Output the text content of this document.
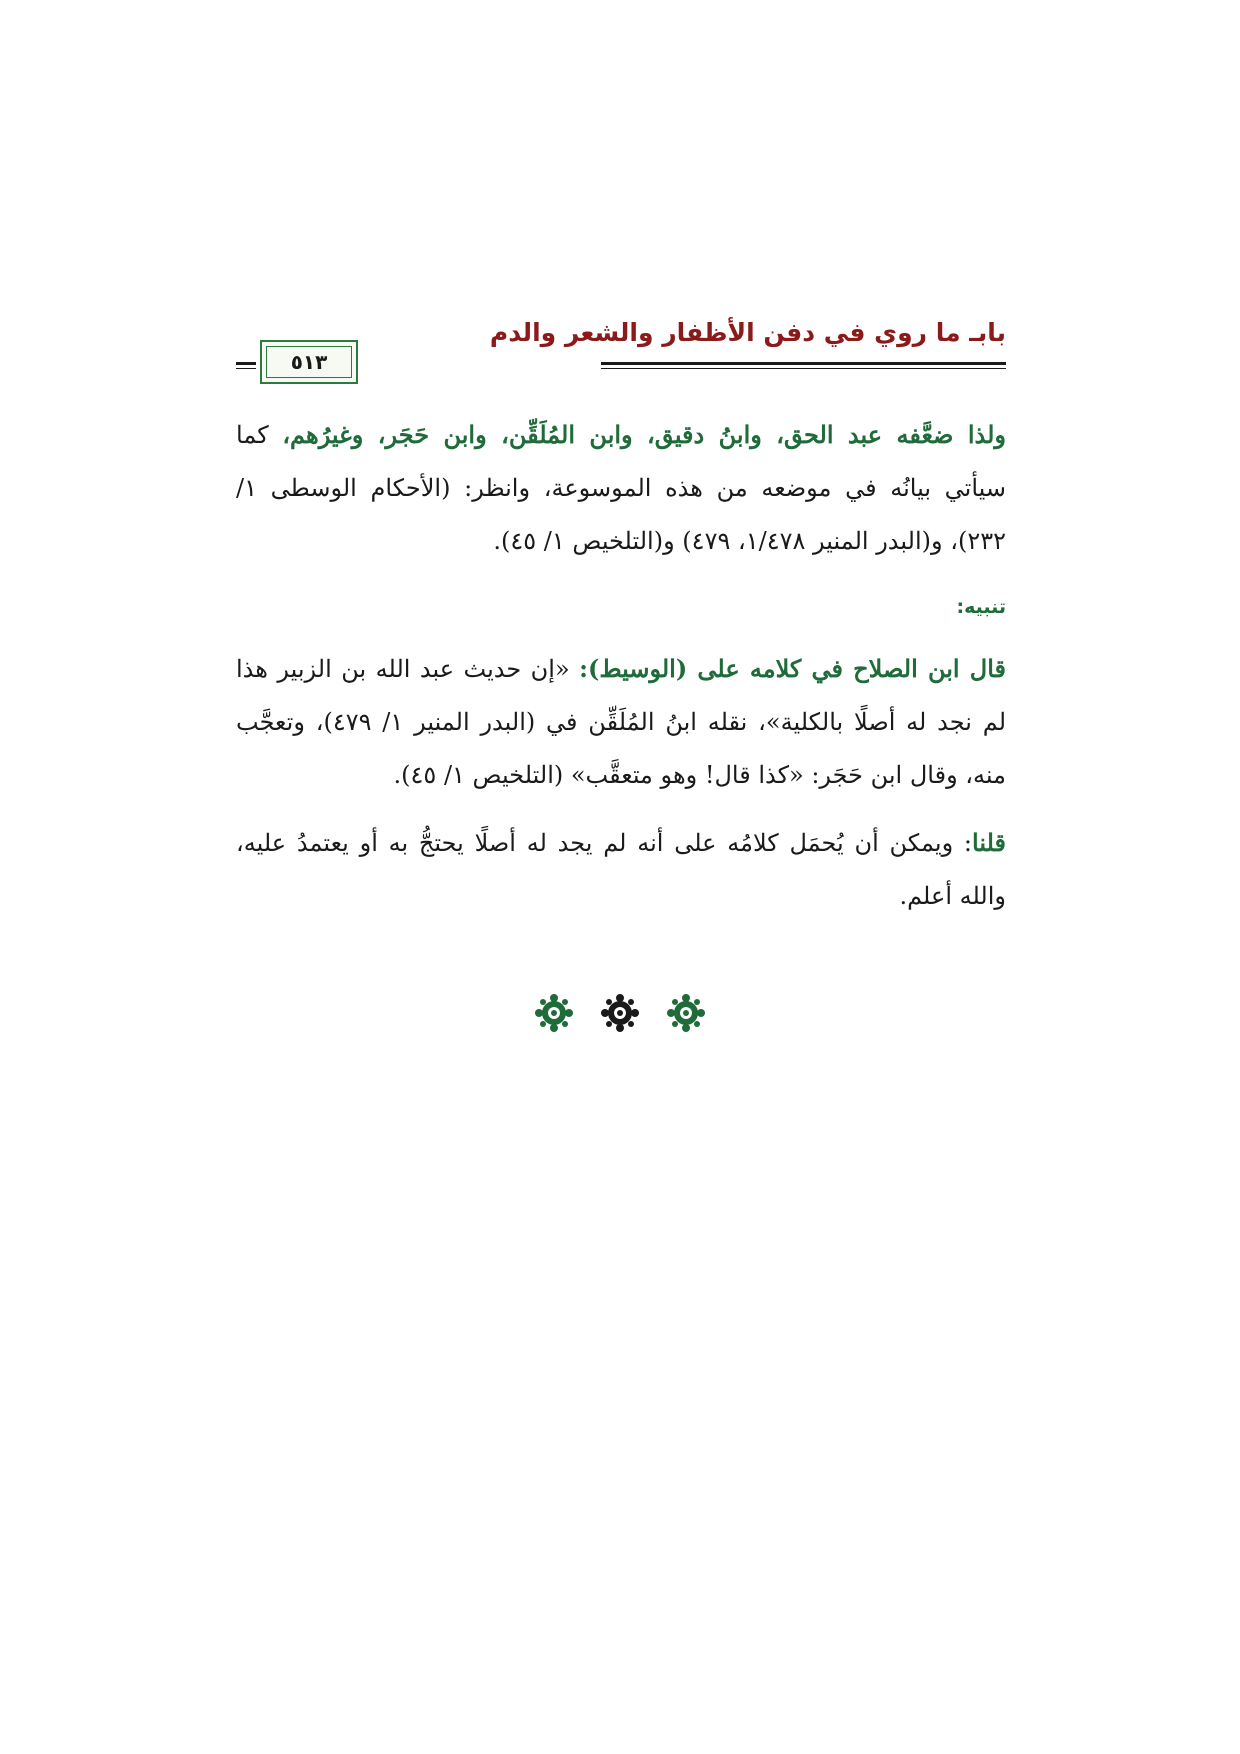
بابـ ما روي في دفن الأظفار والشعر والدم
٥١٣

ولذا ضعَّفه عبد الحق، وابنُ دقيق، وابن المُلَقِّن، وابن حَجَر، وغيرُهم، كما سيأتي بيانُه في موضعه من هذه الموسوعة، وانظر: (الأحكام الوسطى ١/ ٢٣٢)، و(البدر المنير ١/٤٧٨، ٤٧٩) و(التلخيص ١/ ٤٥).

تنبيه:

قال ابن الصلاح في كلامه على (الوسيط): «إن حديث عبد الله بن الزبير هذا لم نجد له أصلًا بالكلية»، نقله ابنُ المُلَقِّن في (البدر المنير ١/ ٤٧٩)، وتعجَّب منه، وقال ابن حَجَر: «كذا قال! وهو متعقَّب» (التلخيص ١/ ٤٥).

قلنا: ويمكن أن يُحمَل كلامُه على أنه لم يجد له أصلًا يحتجُّ به أو يعتمدُ عليه، والله أعلم.
